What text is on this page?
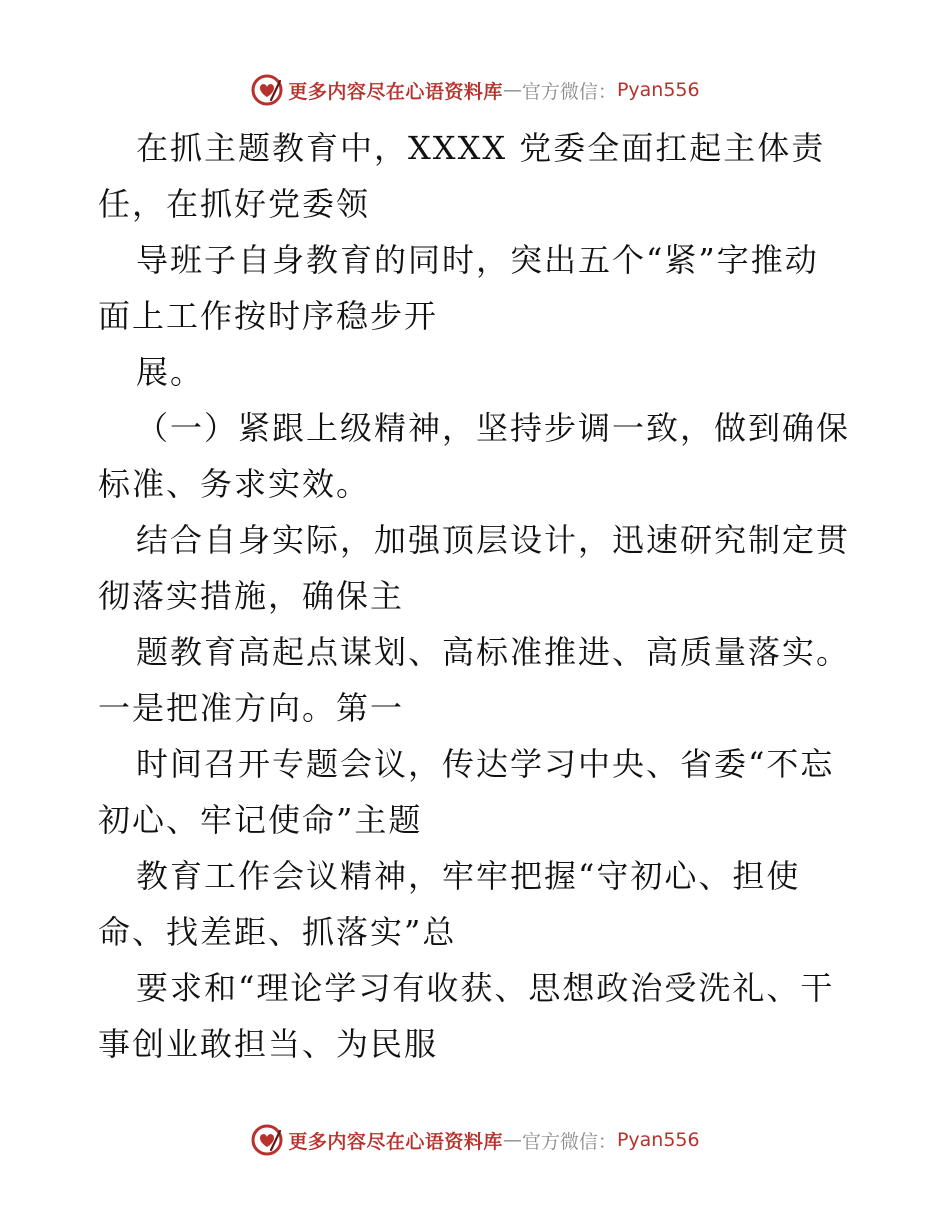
更多内容尽在心语资料库 — 官方微信： Pyan556
在抓主题教育中，XXXX 党委全面扛起主体责
任，在抓好党委领
导班子自身教育的同时，突出五个“紧”字推动
面上工作按时序稳步开
展。
（一）紧跟上级精神，坚持步调一致，做到确保
标准、务求实效。
结合自身实际，加强顶层设计，迅速研究制定贯
彻落实措施，确保主
题教育高起点谋划、高标准推进、高质量落实。
一是把准方向。第一
时间召开专题会议，传达学习中央、省委“不忘
初心、牢记使命”主题
教育工作会议精神，牢牢把握“守初心、担使
命、找差距、抓落实”总
要求和“理论学习有收获、思想政治受洗礼、干
事创业敢担当、为民服
更多内容尽在心语资料库 — 官方微信： Pyan556
